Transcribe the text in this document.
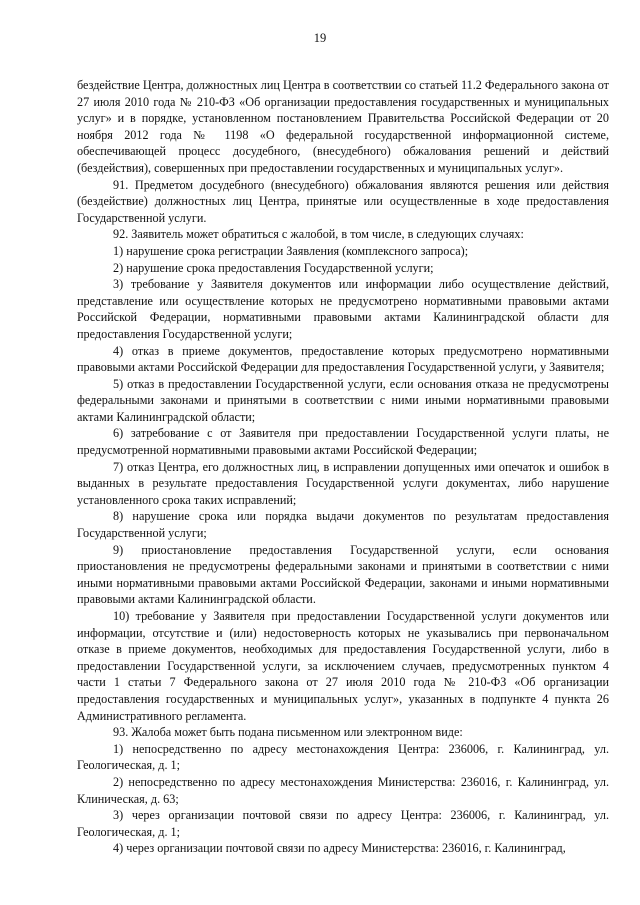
19

бездействие Центра, должностных лиц Центра в соответствии со статьей 11.2 Федерального закона от 27 июля 2010 года № 210-ФЗ «Об организации предоставления государственных и муниципальных услуг» и в порядке, установленном постановлением Правительства Российской Федерации от 20 ноября 2012 года № 1198 «О федеральной государственной информационной системе, обеспечивающей процесс досудебного, (внесудебного) обжалования решений и действий (бездействия), совершенных при предоставлении государственных и муниципальных услуг».

91. Предметом досудебного (внесудебного) обжалования являются решения или действия (бездействие) должностных лиц Центра, принятые или осуществленные в ходе предоставления Государственной услуги.

92. Заявитель может обратиться с жалобой, в том числе, в следующих случаях:

1) нарушение срока регистрации Заявления (комплексного запроса);

2) нарушение срока предоставления Государственной услуги;

3) требование у Заявителя документов или информации либо осуществление действий, представление или осуществление которых не предусмотрено нормативными правовыми актами Российской Федерации, нормативными правовыми актами Калининградской области для предоставления Государственной услуги;

4) отказ в приеме документов, предоставление которых предусмотрено нормативными правовыми актами Российской Федерации для предоставления Государственной услуги, у Заявителя;

5) отказ в предоставлении Государственной услуги, если основания отказа не предусмотрены федеральными законами и принятыми в соответствии с ними иными нормативными правовыми актами Калининградской области;

6) затребование с от Заявителя при предоставлении Государственной услуги платы, не предусмотренной нормативными правовыми актами Российской Федерации;

7) отказ Центра, его должностных лиц, в исправлении допущенных ими опечаток и ошибок в выданных в результате предоставления Государственной услуги документах, либо нарушение установленного срока таких исправлений;

8) нарушение срока или порядка выдачи документов по результатам предоставления Государственной услуги;

9) приостановление предоставления Государственной услуги, если основания приостановления не предусмотрены федеральными законами и принятыми в соответствии с ними иными нормативными правовыми актами Российской Федерации, законами и иными нормативными правовыми актами Калининградской области.

10) требование у Заявителя при предоставлении Государственной услуги документов или информации, отсутствие и (или) недостоверность которых не указывались при первоначальном отказе в приеме документов, необходимых для предоставления Государственной услуги, либо в предоставлении Государственной услуги, за исключением случаев, предусмотренных пунктом 4 части 1 статьи 7 Федерального закона от 27 июля 2010 года № 210-ФЗ «Об организации предоставления государственных и муниципальных услуг», указанных в подпункте 4 пункта 26 Административного регламента.

93. Жалоба может быть подана письменном или электронном виде:

1) непосредственно по адресу местонахождения Центра: 236006, г. Калининград, ул. Геологическая, д. 1;

2) непосредственно по адресу местонахождения Министерства: 236016, г. Калининград, ул. Клиническая, д. 63;

3) через организации почтовой связи по адресу Центра: 236006, г. Калининград, ул. Геологическая, д. 1;

4) через организации почтовой связи по адресу Министерства: 236016, г. Калининград,
